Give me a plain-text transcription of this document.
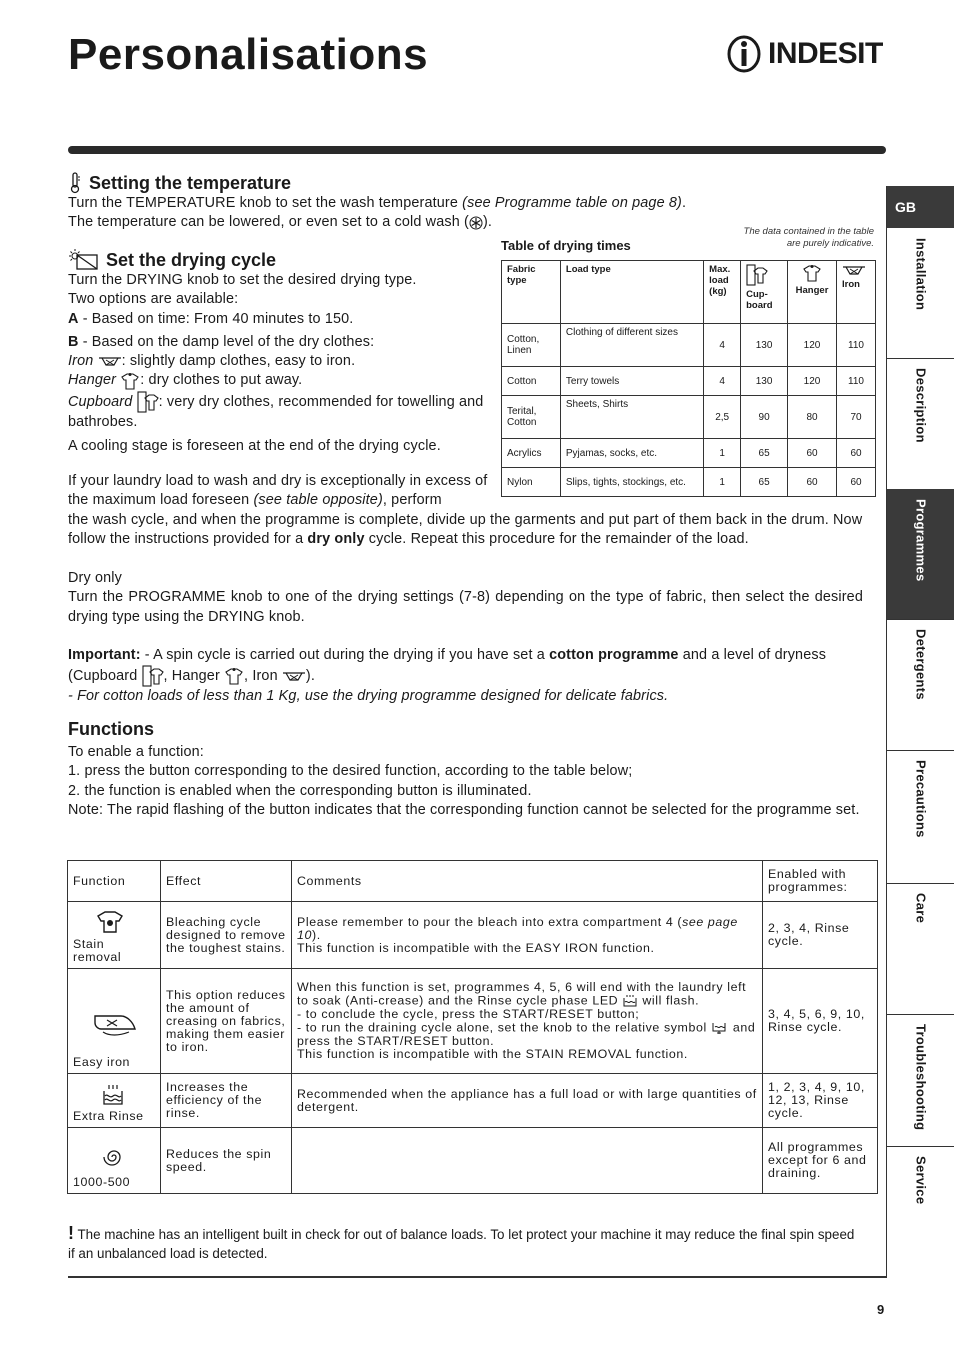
Personalisations	INDESIT
Setting the temperature

Turn the TEMPERATURE knob to set the wash temperature (see Programme table on page 8).

The temperature can be lowered, or even set to a cold wash ( ).

Set the drying cycle

Turn the DRYING knob to set the desired drying type.

Two options are available:

A - Based on time: From 40 minutes to 150.

B - Based on the damp level of the dry clothes:

Iron : slightly damp clothes, easy to iron.

Hanger : dry clothes to put away.

Cupboard : very dry clothes, recommended for towelling and bathrobes.

A cooling stage is foreseen at the end of the drying cycle.

If your laundry load to wash and dry is exceptionally in excess of the maximum load foreseen (see table opposite), perform

the wash cycle, and when the programme is complete, divide up the garments and put part of them back in the drum. Now follow the instructions provided for a dry only cycle. Repeat this procedure for the remainder of the load.

Table of drying times
The data contained in the table are purely indicative.
Fabric type	Load type	Max. load (kg)	Cup-board	Hanger	Iron
Cotton, Linen	Clothing of different sizes	4	130	120	110
Cotton	Terry towels	4	130	120	110
Terital, Cotton	Sheets, Shirts	2,5	90	80	70
Acrylics	Pyjamas, socks, etc.	1	65	60	60
Nylon	Slips, tights, stockings, etc.	1	65	60	60

Dry only

Turn the PROGRAMME knob to one of the drying settings (7-8) depending on the type of fabric, then select the desired drying type using the DRYING knob.

Important: - A spin cycle is carried out during the drying if you have set a cotton programme and a level of dryness (Cupboard , Hanger , Iron ).

- For cotton loads of less than 1 Kg, use the drying programme designed for delicate fabrics.

Functions

To enable a function:

1. press the button corresponding to the desired function, according to the table below;

2. the function is enabled when the corresponding button is illuminated.

Note: The rapid flashing of the button indicates that the corresponding function cannot be selected for the programme set.

Function	Effect	Comments	Enabled with programmes:

Stain removal	Bleaching cycle designed to remove the toughest stains.	Please remember to pour the bleach into extra compartment 4 (see page 10).
This function is incompatible with the EASY IRON function.	2, 3, 4, Rinse cycle.

Easy iron	This option reduces the amount of creasing on fabrics, making them easier to iron.	When this function is set, programmes 4, 5, 6 will end with the laundry left to soak (Anti-crease) and the Rinse cycle phase LED  will flash.
- to conclude the cycle, press the START/RESET button;
- to run the draining cycle alone, set the knob to the relative symbol  and press the START/RESET button.
This function is incompatible with the STAIN REMOVAL function.	3, 4, 5, 6, 9, 10, Rinse cycle.

Extra Rinse	Increases the efficiency of the rinse.	Recommended when the appliance has a full load or with large quantities of detergent.	1, 2, 3, 4, 9, 10, 12, 13, Rinse cycle.

1000-500	Reduces the spin speed.		All programmes except for 6 and draining.
! The machine has an intelligent built in check for out of balance loads. To let protect your machine it may reduce the final spin speed if an unbalanced load is detected.
9
GB
Installation
Description
Programmes
Detergents
Precautions
Care
Troubleshooting
Service
